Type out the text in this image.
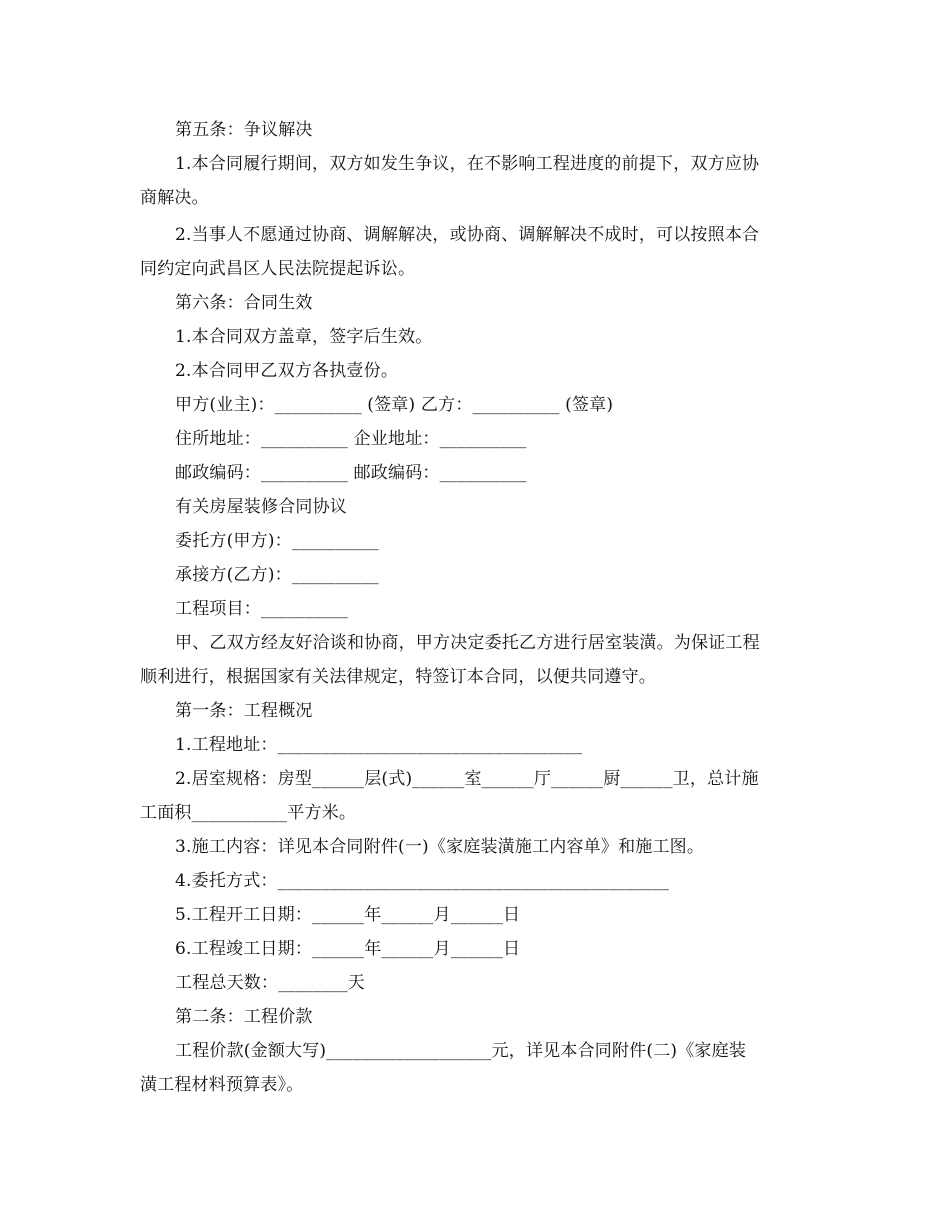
第五条：争议解决
1.本合同履行期间，双方如发生争议，在不影响工程进度的前提下，双方应协
商解决。
2.当事人不愿通过协商、调解解决，或协商、调解解决不成时，可以按照本合
同约定向武昌区人民法院提起诉讼。
第六条：合同生效
1.本合同双方盖章，签字后生效。
2.本合同甲乙双方各执壹份。
甲方(业主)：__________ (签章) 乙方：__________ (签章)
住所地址：__________ 企业地址：__________
邮政编码：__________ 邮政编码：__________
有关房屋装修合同协议
委托方(甲方)：__________
承接方(乙方)：__________
工程项目：__________
甲、乙双方经友好洽谈和协商，甲方决定委托乙方进行居室装潢。为保证工程
顺利进行，根据国家有关法律规定，特签订本合同，以便共同遵守。
第一条：工程概况
1.工程地址：___________________________________
2.居室规格：房型______层(式)______室______厅______厨______卫，总计施
工面积___________平方米。
3.施工内容：详见本合同附件(一)《家庭装潢施工内容单》和施工图。
4.委托方式：_____________________________________________
5.工程开工日期：______年______月______日
6.工程竣工日期：______年______月______日
工程总天数：________天
第二条：工程价款
工程价款(金额大写)___________________元，详见本合同附件(二)《家庭装
潢工程材料预算表》。
